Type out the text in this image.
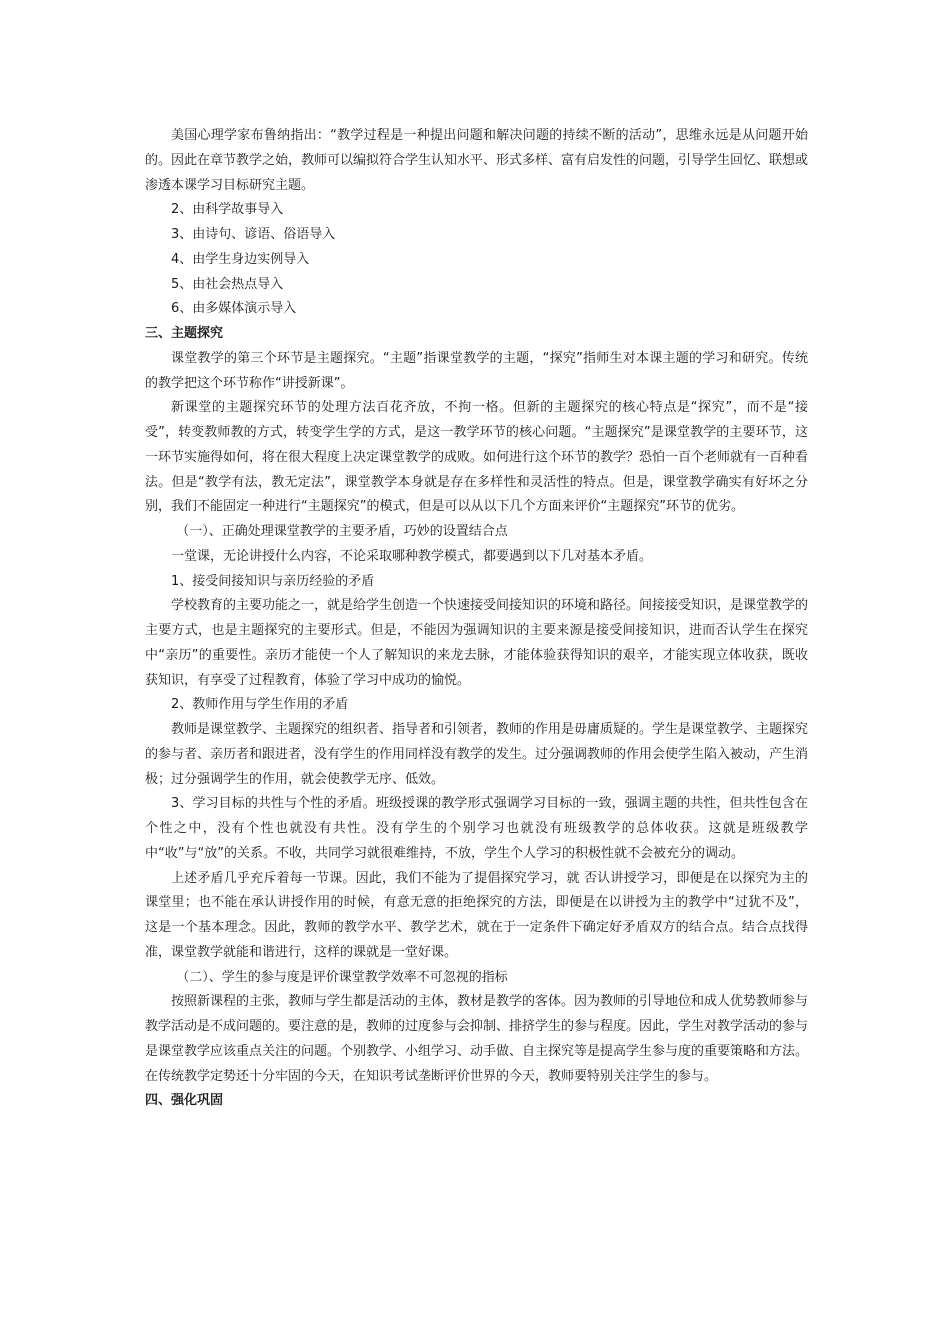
美国心理学家布鲁纳指出：“教学过程是一种提出问题和解决问题的持续不断的活动”，思维永远是从问题开始的。因此在章节教学之始，教师可以编拟符合学生认知水平、形式多样、富有启发性的问题，引导学生回忆、联想或渗透本课学习目标研究主题。

2、由科学故事导入

3、由诗句、谚语、俗语导入

4、由学生身边实例导入

5、由社会热点导入

6、由多媒体演示导入

三、主题探究

课堂教学的第三个环节是主题探究。“主题”指课堂教学的主题，“探究”指师生对本课主题的学习和研究。传统的教学把这个环节称作“讲授新课”。

新课堂的主题探究环节的处理方法百花齐放，不拘一格。但新的主题探究的核心特点是“探究”，而不是“接受”，转变教师教的方式，转变学生学的方式，是这一教学环节的核心问题。“主题探究”是课堂教学的主要环节，这一环节实施得如何，将在很大程度上决定课堂教学的成败。如何进行这个环节的教学？恐怕一百个老师就有一百种看法。但是“教学有法，教无定法”，课堂教学本身就是存在多样性和灵活性的特点。但是，课堂教学确实有好坏之分别，我们不能固定一种进行“主题探究”的模式，但是可以从以下几个方面来评价“主题探究”环节的优劣。

（一）、正确处理课堂教学的主要矛盾，巧妙的设置结合点

一堂课，无论讲授什么内容，不论采取哪种教学模式，都要遇到以下几对基本矛盾。

1、接受间接知识与亲历经验的矛盾

学校教育的主要功能之一，就是给学生创造一个快速接受间接知识的环境和路径。间接接受知识，是课堂教学的主要方式，也是主题探究的主要形式。但是，不能因为强调知识的主要来源是接受间接知识，进而否认学生在探究中“亲历”的重要性。亲历才能使一个人了解知识的来龙去脉，才能体验获得知识的艰辛，才能实现立体收获，既收获知识，有享受了过程教育，体验了学习中成功的愉悦。

2、教师作用与学生作用的矛盾

教师是课堂教学、主题探究的组织者、指导者和引领者，教师的作用是毋庸质疑的。学生是课堂教学、主题探究的参与者、亲历者和跟进者，没有学生的作用同样没有教学的发生。过分强调教师的作用会使学生陷入被动，产生消极；过分强调学生的作用，就会使教学无序、低效。

3、学习目标的共性与个性的矛盾。班级授课的教学形式强调学习目标的一致，强调主题的共性，但共性包含在个性之中，没有个性也就没有共性。没有学生的个别学习也就没有班级教学的总体收获。这就是班级教学中“收”与“放”的关系。不收，共同学习就很难维持，不放，学生个人学习的积极性就不会被充分的调动。

上述矛盾几乎充斥着每一节课。因此，我们不能为了提倡探究学习，就 否认讲授学习，即便是在以探究为主的课堂里；也不能在承认讲授作用的时候，有意无意的拒绝探究的方法，即便是在以讲授为主的教学中“过犹不及”，这是一个基本理念。因此，教师的教学水平、教学艺术，就在于一定条件下确定好矛盾双方的结合点。结合点找得准，课堂教学就能和谐进行，这样的课就是一堂好课。

（二）、学生的参与度是评价课堂教学效率不可忽视的指标

按照新课程的主张，教师与学生都是活动的主体，教材是教学的客体。因为教师的引导地位和成人优势教师参与教学活动是不成问题的。要注意的是，教师的过度参与会抑制、排挤学生的参与程度。因此，学生对教学活动的参与是课堂教学应该重点关注的问题。个别教学、小组学习、动手做、自主探究等是提高学生参与度的重要策略和方法。在传统教学定势还十分牢固的今天，在知识考试垄断评价世界的今天，教师要特别关注学生的参与。

四、强化巩固
